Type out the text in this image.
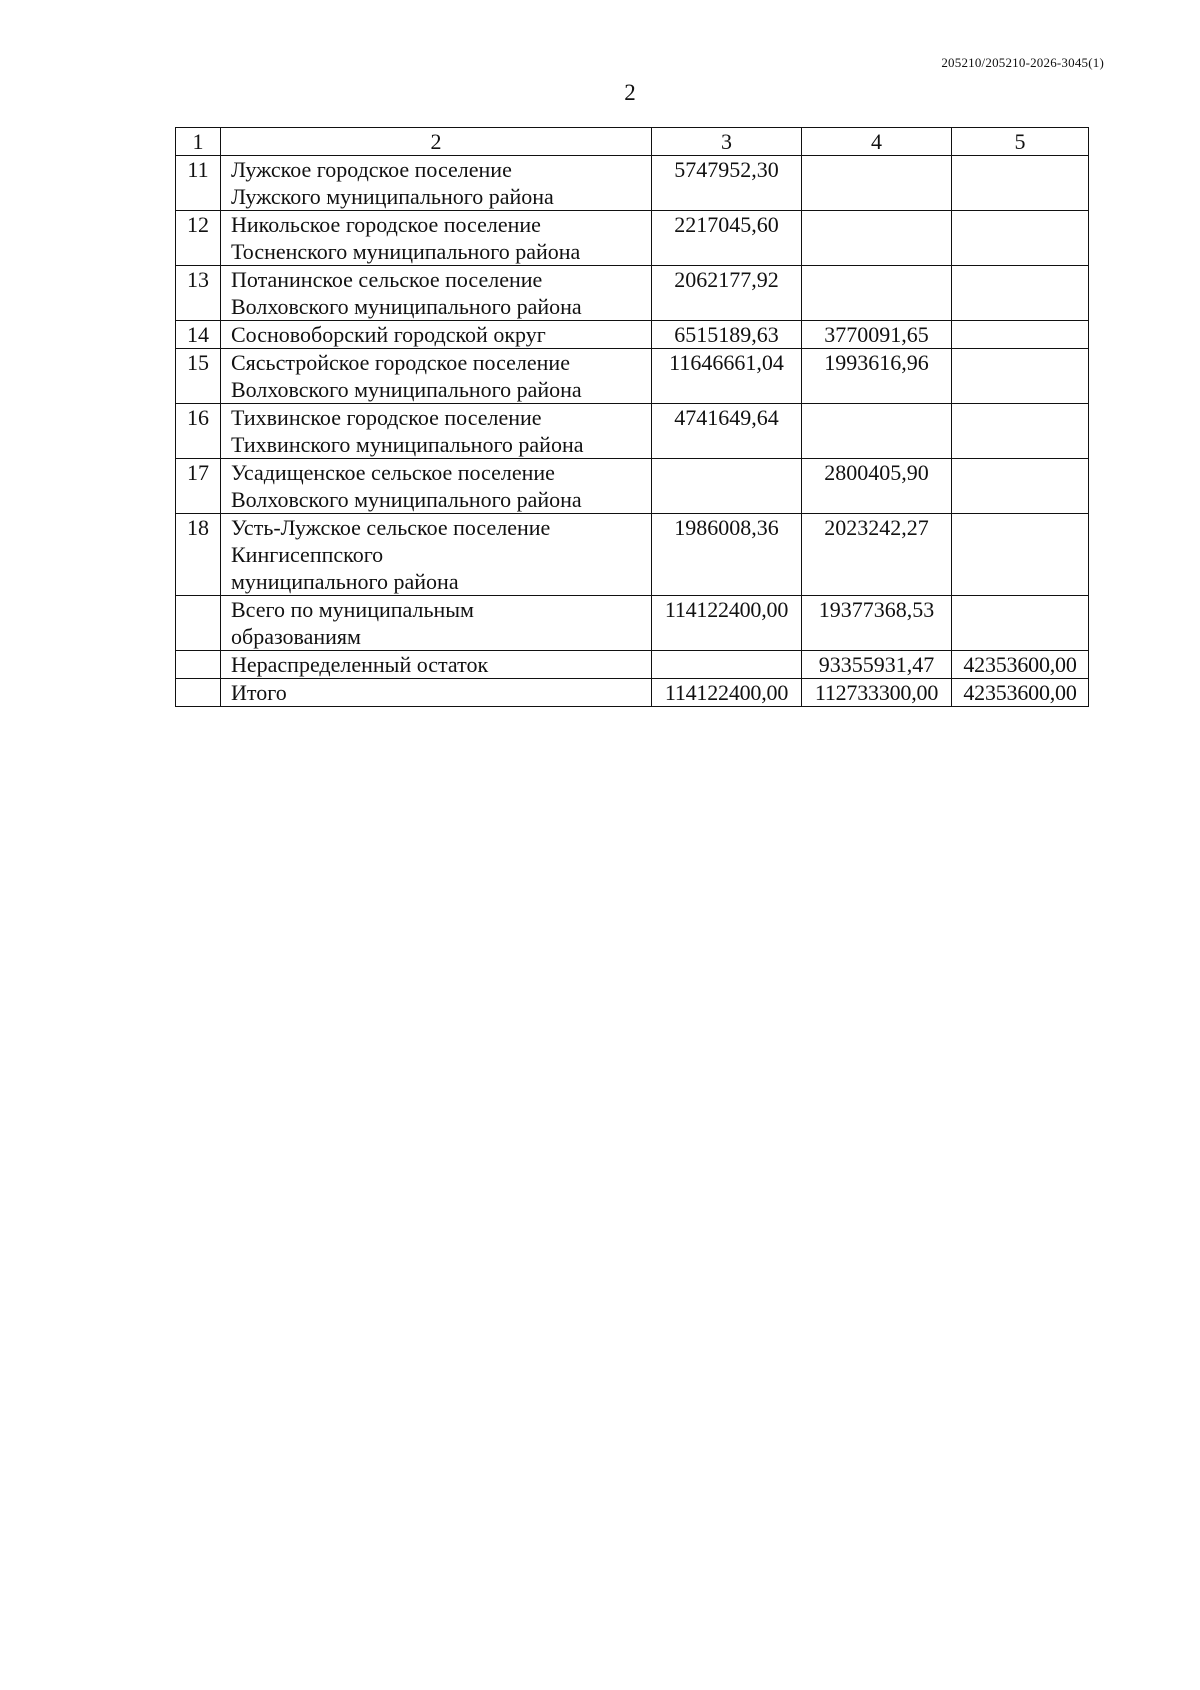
205210/205210-2026-3045(1)
2
1	2	3	4	5
11	Лужское городское поселение
Лужского муниципального района	5747952,30		
12	Никольское городское поселение
Тосненского муниципального района	2217045,60		
13	Потанинское сельское поселение
Волховского муниципального района	2062177,92		
14	Сосновоборский городской округ	6515189,63	3770091,65	
15	Сясьстройское городское поселение
Волховского муниципального района	11646661,04	1993616,96	
16	Тихвинское городское поселение
Тихвинского муниципального района	4741649,64		
17	Усадищенское сельское поселение
Волховского муниципального района		2800405,90	
18	Усть-Лужское сельское поселение
Кингисеппского
муниципального района	1986008,36	2023242,27	

	Всего по муниципальным
образованиям	114122400,00	19377368,53	

	Нераспределенный остаток		93355931,47	42353600,00

	Итого	114122400,00	112733300,00	42353600,00
